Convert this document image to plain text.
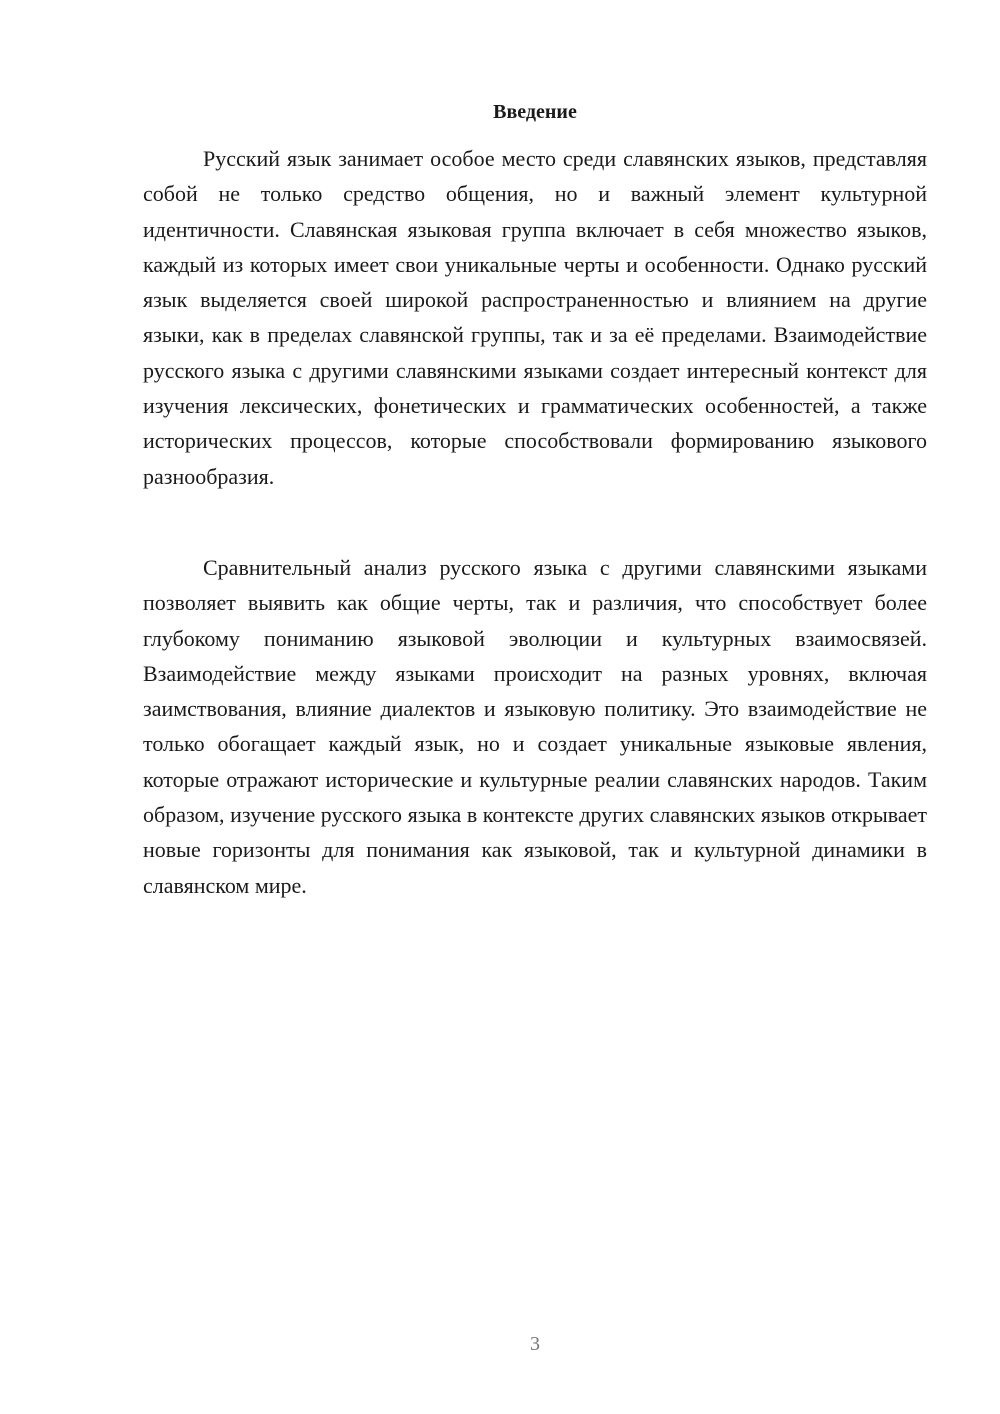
Введение

Русский язык занимает особое место среди славянских языков, представляя собой не только средство общения, но и важный элемент культурной идентичности. Славянская языковая группа включает в себя множество языков, каждый из которых имеет свои уникальные черты и особенности. Однако русский язык выделяется своей широкой распространенностью и влиянием на другие языки, как в пределах славянской группы, так и за её пределами. Взаимодействие русского языка с другими славянскими языками создает интересный контекст для изучения лексических, фонетических и грамматических особенностей, а также исторических процессов, которые способствовали формированию языкового разнообразия.

Сравнительный анализ русского языка с другими славянскими языками позволяет выявить как общие черты, так и различия, что способствует более глубокому пониманию языковой эволюции и культурных взаимосвязей. Взаимодействие между языками происходит на разных уровнях, включая заимствования, влияние диалектов и языковую политику. Это взаимодействие не только обогащает каждый язык, но и создает уникальные языковые явления, которые отражают исторические и культурные реалии славянских народов. Таким образом, изучение русского языка в контексте других славянских языков открывает новые горизонты для понимания как языковой, так и культурной динамики в славянском мире.

3
